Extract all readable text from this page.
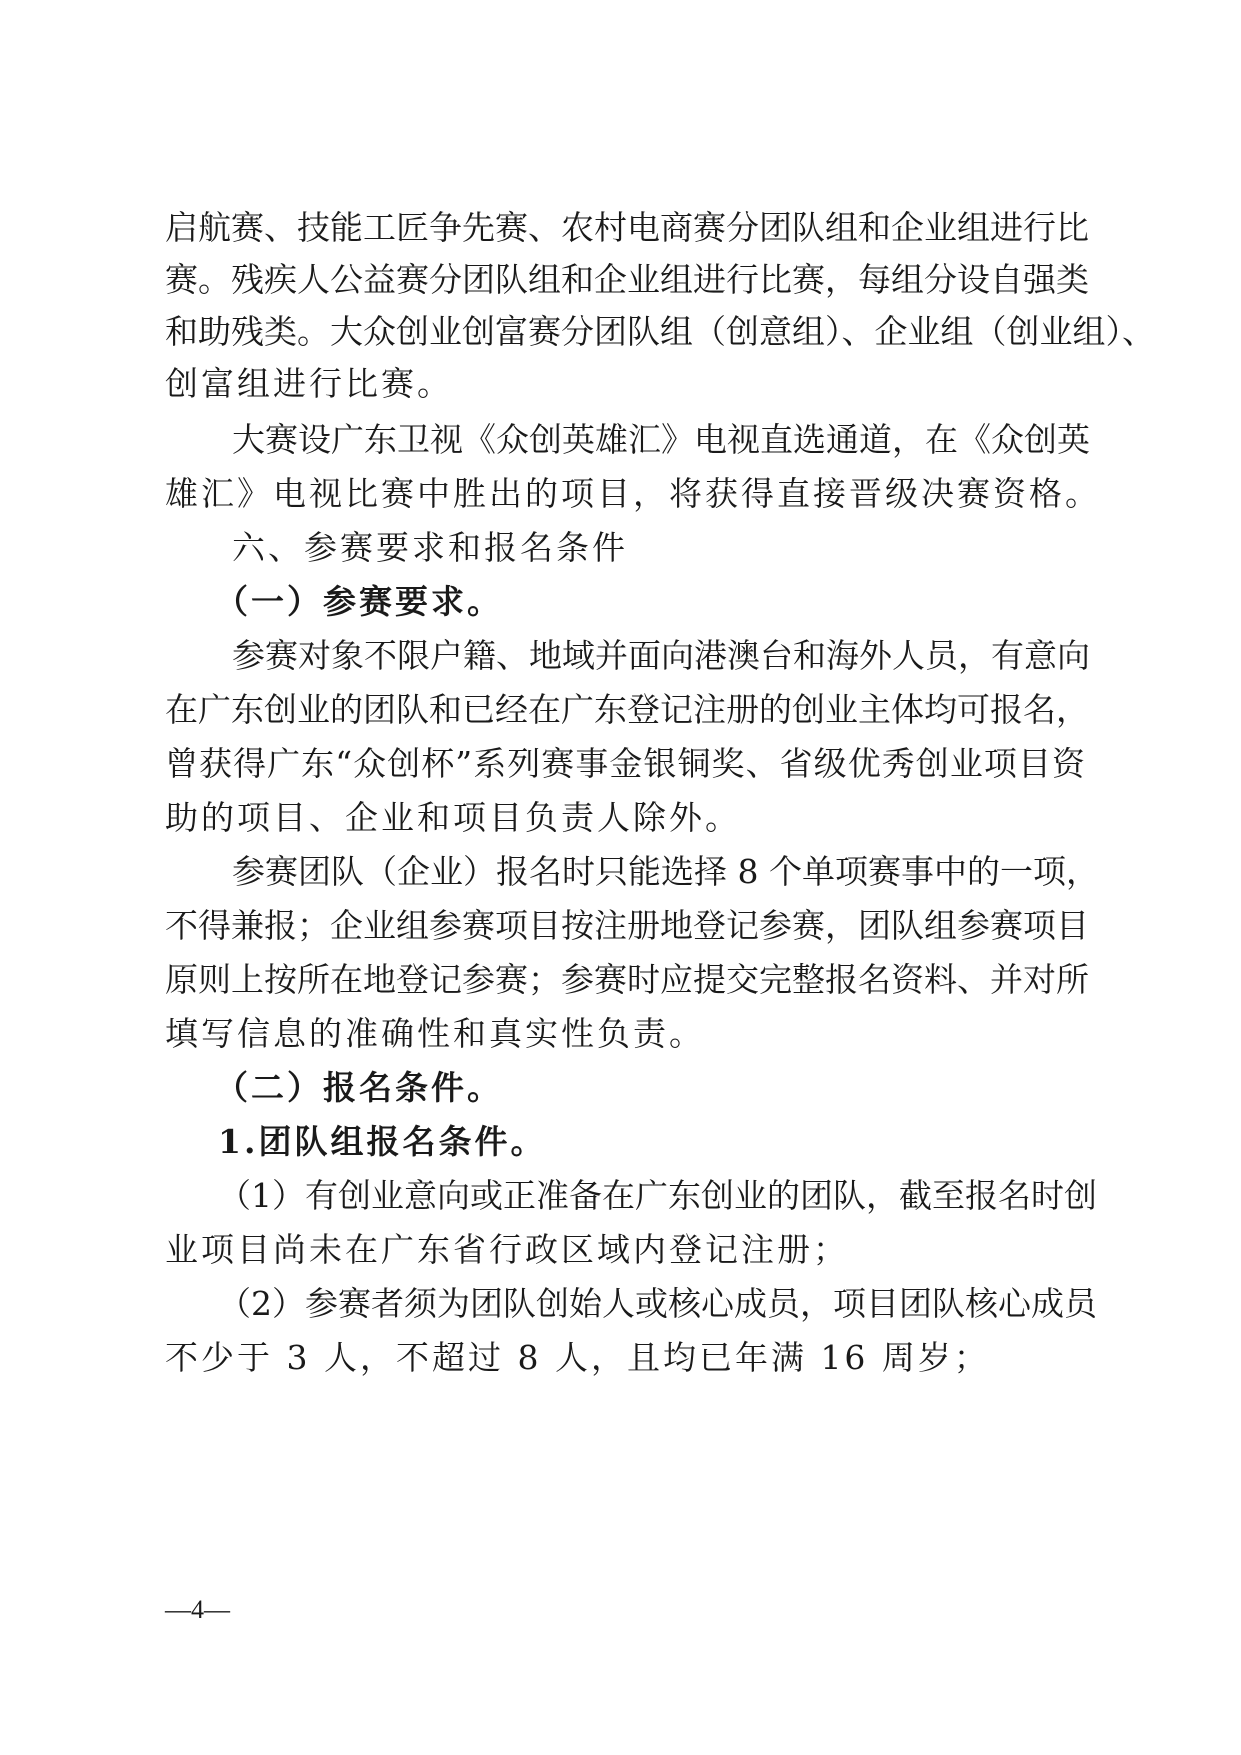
启航赛、技能工匠争先赛、农村电商赛分团队组和企业组进行比
赛。残疾人公益赛分团队组和企业组进行比赛，每组分设自强类
和助残类。大众创业创富赛分团队组（创意组）、企业组（创业组）、
创富组进行比赛。
大赛设广东卫视《众创英雄汇》电视直选通道，在《众创英
雄汇》电视比赛中胜出的项目，将获得直接晋级决赛资格。
六、参赛要求和报名条件
（一）参赛要求。
参赛对象不限户籍、地域并面向港澳台和海外人员，有意向
在广东创业的团队和已经在广东登记注册的创业主体均可报名，
曾获得广东“众创杯”系列赛事金银铜奖、省级优秀创业项目资
助的项目、企业和项目负责人除外。
参赛团队（企业）报名时只能选择 8 个单项赛事中的一项，
不得兼报；企业组参赛项目按注册地登记参赛，团队组参赛项目
原则上按所在地登记参赛；参赛时应提交完整报名资料、并对所
填写信息的准确性和真实性负责。
（二）报名条件。
1.团队组报名条件。
（1）有创业意向或正准备在广东创业的团队，截至报名时创
业项目尚未在广东省行政区域内登记注册；
（2）参赛者须为团队创始人或核心成员，项目团队核心成员
不少于 3 人，不超过 8 人，且均已年满 16 周岁；
—4—
